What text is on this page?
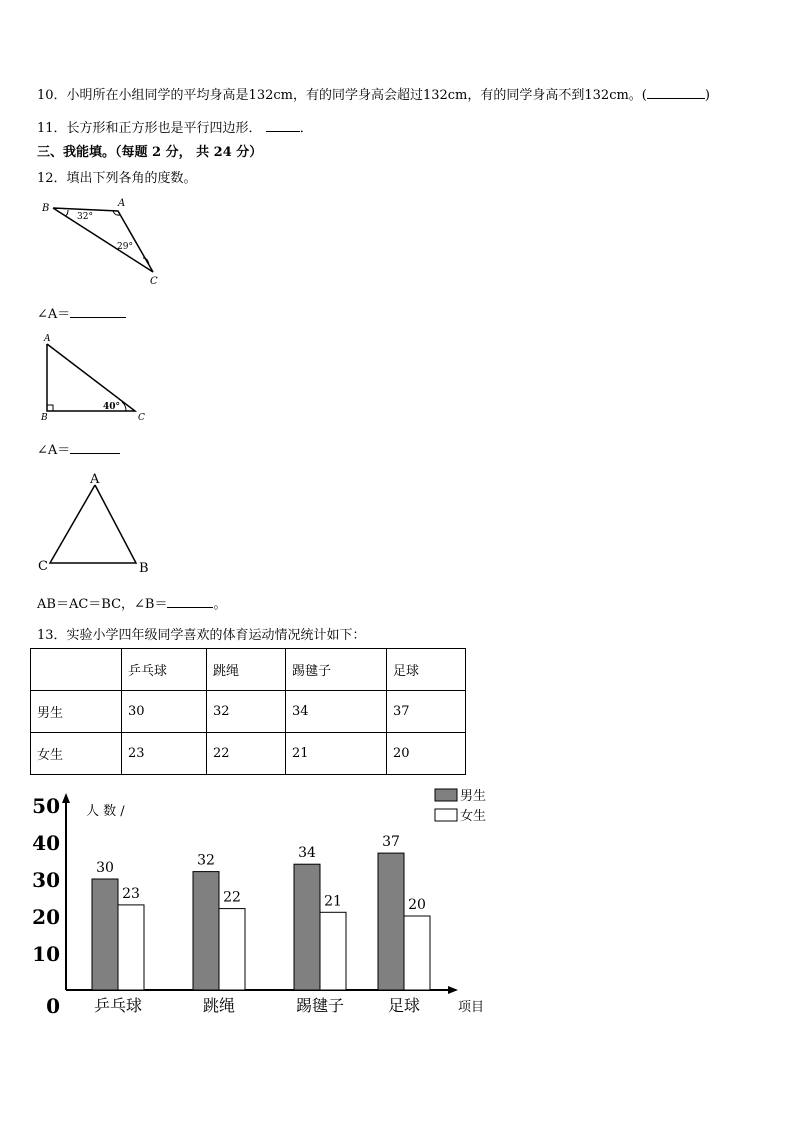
10．小明所在小组同学的平均身高是132cm，有的同学身高会超过132cm，有的同学身高不到132cm。(	)
11．长方形和正方形也是平行四边形．	．
三、我能填。（每题 2 分， 共 24 分）
12．填出下列各角的度数。
B	A
C
32°
29°
∠A＝
A
B	C
40°
∠A＝
A
C	B
AB＝AC＝BC，∠B＝	。
13．实验小学四年级同学喜欢的体育运动情况统计如下：
	乒乓球	跳绳	踢毽子	足球
男生	30	32	34	37
女生	23	22	21	20
0
10
20
30
40
50 人 数 /
30
23
乒乓球
32
22
跳绳
34
21
踢毽子
37
20
足球	项目
男生
女生
